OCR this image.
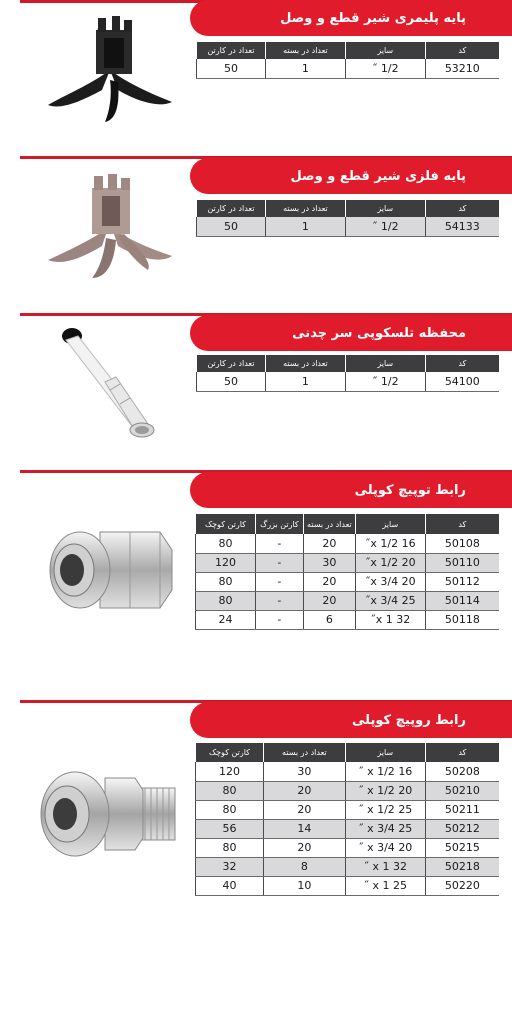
پایه پلیمری شیر قطع و وصل
کد	سایز	تعداد در بسته	تعداد در کارتن
53210	1/2 ˝	1	50
پایه فلزی شیر قطع و وصل
کد	سایز	تعداد در بسته	تعداد در کارتن
54133	1/2 ˝	1	50
محفظه تلسکوپی سر چدنی
کد	سایز	تعداد در بسته	تعداد در کارتن
54100	1/2 ˝	1	50
رابط توپیچ کوپلی
کد	سایز	تعداد در بسته	کارتن بزرگ	کارتن کوچک
50108	16 x 1/2˝	20	-	80
50110	20 x 1/2˝	30	-	120
50112	20 x 3/4˝	20	-	80
50114	25 x 3/4˝	20	-	80
50118	32 x 1˝	6	-	24
رابط روپیچ کوپلی
کد	سایز	تعداد در بسته	کارتن کوچک
50208	16 x 1/2 ˝	30	120
50210	20 x 1/2 ˝	20	80
50211	25 x 1/2 ˝	20	80
50212	25 x 3/4 ˝	14	56
50215	20 x 3/4 ˝	20	80
50218	32 x 1 ˝	8	32
50220	25 x 1 ˝	10	40
